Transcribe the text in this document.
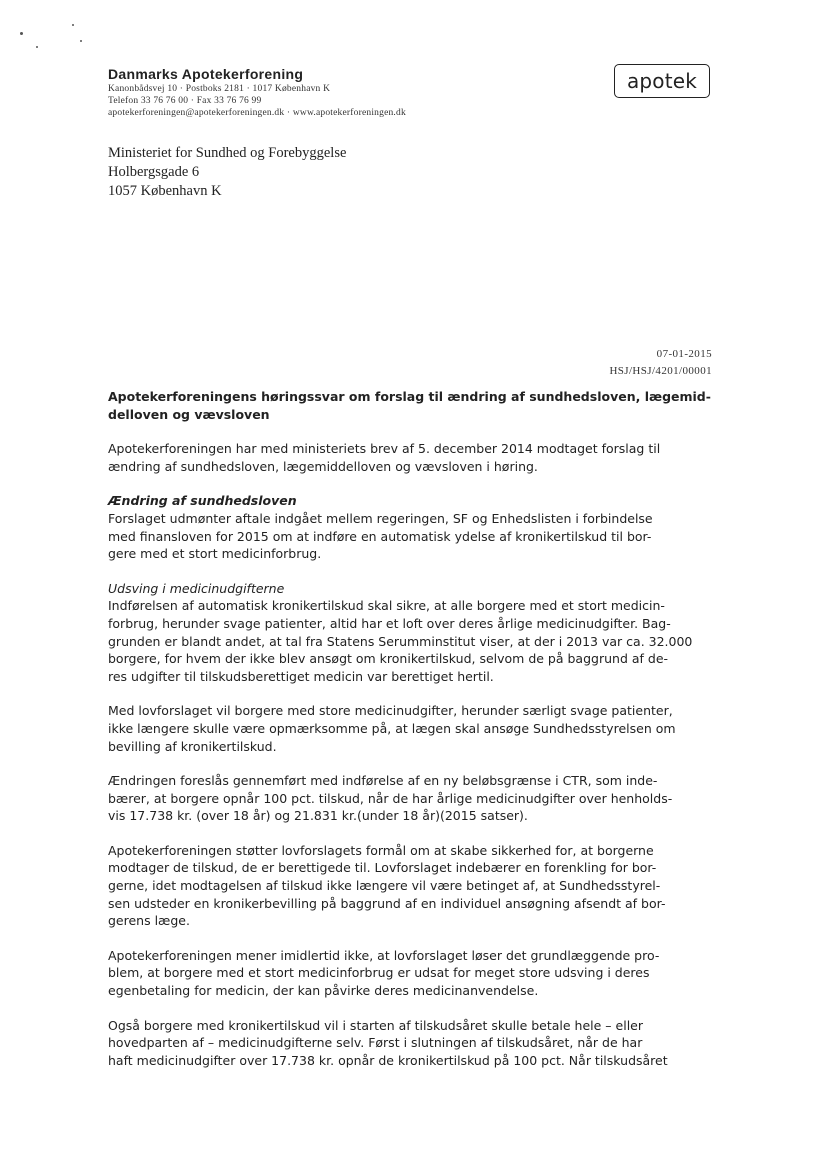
Danmarks Apotekerforening
Kanonbådsvej 10 · Postboks 2181 · 1017 København K
Telefon 33 76 76 00 · Fax 33 76 76 99
apotekerforeningen@apotekerforeningen.dk · www.apotekerforeningen.dk
apotek
Ministeriet for Sundhed og Forebyggelse
Holbergsgade 6
1057 København K
07-01-2015
HSJ/HSJ/4201/00001
Apotekerforeningens høringssvar om forslag til ændring af sundhedsloven, lægemid-
delloven og vævsloven
Apotekerforeningen har med ministeriets brev af 5. december 2014 modtaget forslag til
ændring af sundhedsloven, lægemiddelloven og vævsloven i høring.
Ændring af sundhedsloven
Forslaget udmønter aftale indgået mellem regeringen, SF og Enhedslisten i forbindelse
med finansloven for 2015 om at indføre en automatisk ydelse af kronikertilskud til bor-
gere med et stort medicinforbrug.
Udsving i medicinudgifterne
Indførelsen af automatisk kronikertilskud skal sikre, at alle borgere med et stort medicin-
forbrug, herunder svage patienter, altid har et loft over deres årlige medicinudgifter. Bag-
grunden er blandt andet, at tal fra Statens Serumminstitut viser, at der i 2013 var ca. 32.000
borgere, for hvem der ikke blev ansøgt om kronikertilskud, selvom de på baggrund af de-
res udgifter til tilskudsberettiget medicin var berettiget hertil.
Med lovforslaget vil borgere med store medicinudgifter, herunder særligt svage patienter,
ikke længere skulle være opmærksomme på, at lægen skal ansøge Sundhedsstyrelsen om
bevilling af kronikertilskud.
Ændringen foreslås gennemført med indførelse af en ny beløbsgrænse i CTR, som inde-
bærer, at borgere opnår 100 pct. tilskud, når de har årlige medicinudgifter over henholds-
vis 17.738 kr. (over 18 år) og 21.831 kr.(under 18 år)(2015 satser).
Apotekerforeningen støtter lovforslagets formål om at skabe sikkerhed for, at borgerne
modtager de tilskud, de er berettigede til. Lovforslaget indebærer en forenkling for bor-
gerne, idet modtagelsen af tilskud ikke længere vil være betinget af, at Sundhedsstyrel-
sen udsteder en kronikerbevilling på baggrund af en individuel ansøgning afsendt af bor-
gerens læge.
Apotekerforeningen mener imidlertid ikke, at lovforslaget løser det grundlæggende pro-
blem, at borgere med et stort medicinforbrug er udsat for meget store udsving i deres
egenbetaling for medicin, der kan påvirke deres medicinanvendelse.
Også borgere med kronikertilskud vil i starten af tilskudsåret skulle betale hele – eller
hovedparten af – medicinudgifterne selv. Først i slutningen af tilskudsåret, når de har
haft medicinudgifter over 17.738 kr. opnår de kronikertilskud på 100 pct. Når tilskudsåret
